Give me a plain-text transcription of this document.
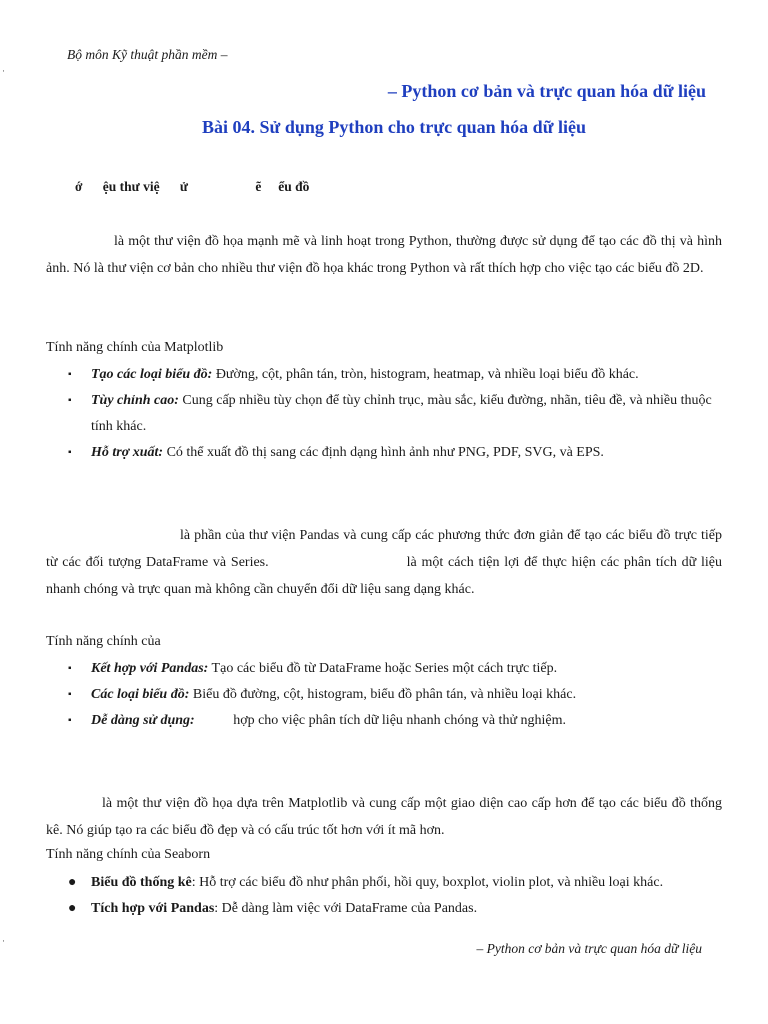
Bộ môn Kỹ thuật phần mềm –
·
– Python cơ bản và trực quan hóa dữ liệu
Bài 04. Sử dụng Python cho trực quan hóa dữ liệu
ớ      ệu thư việ      ử                    ẽ     ểu đồ
là một thư viện đồ họa mạnh mẽ và linh hoạt trong Python, thường được sử dụng để tạo các đồ thị và hình ảnh. Nó là thư viện cơ bản cho nhiều thư viện đồ họa khác trong Python và rất thích hợp cho việc tạo các biểu đồ 2D.
Tính năng chính của Matplotlib
▪ Tạo các loại biểu đồ: Đường, cột, phân tán, tròn, histogram, heatmap, và nhiều loại biểu đồ khác.
▪ Tùy chỉnh cao: Cung cấp nhiều tùy chọn để tùy chỉnh trục, màu sắc, kiểu đường, nhãn, tiêu đề, và nhiều thuộc tính khác.
▪ Hỗ trợ xuất: Có thể xuất đồ thị sang các định dạng hình ảnh như PNG, PDF, SVG, và EPS.
là phần của thư viện Pandas và cung cấp các phương thức đơn giản để tạo các biểu đồ trực tiếp từ các đối tượng DataFrame và Series.	là một cách tiện lợi để thực hiện các phân tích dữ liệu nhanh chóng và trực quan mà không cần chuyển đổi dữ liệu sang dạng khác.
Tính năng chính của
▪ Kết hợp với Pandas: Tạo các biểu đồ từ DataFrame hoặc Series một cách trực tiếp.
▪ Các loại biểu đồ: Biểu đồ đường, cột, histogram, biểu đồ phân tán, và nhiều loại khác.
▪ Dễ dàng sử dụng:           hợp cho việc phân tích dữ liệu nhanh chóng và thử nghiệm.
là một thư viện đồ họa dựa trên Matplotlib và cung cấp một giao diện cao cấp hơn để tạo các biểu đồ thống kê. Nó giúp tạo ra các biểu đồ đẹp và có cấu trúc tốt hơn với ít mã hơn.
Tính năng chính của Seaborn
● Biểu đồ thống kê: Hỗ trợ các biểu đồ như phân phối, hồi quy, boxplot, violin plot, và nhiều loại khác.
● Tích hợp với Pandas: Dễ dàng làm việc với DataFrame của Pandas.
·	– Python cơ bản và trực quan hóa dữ liệu
